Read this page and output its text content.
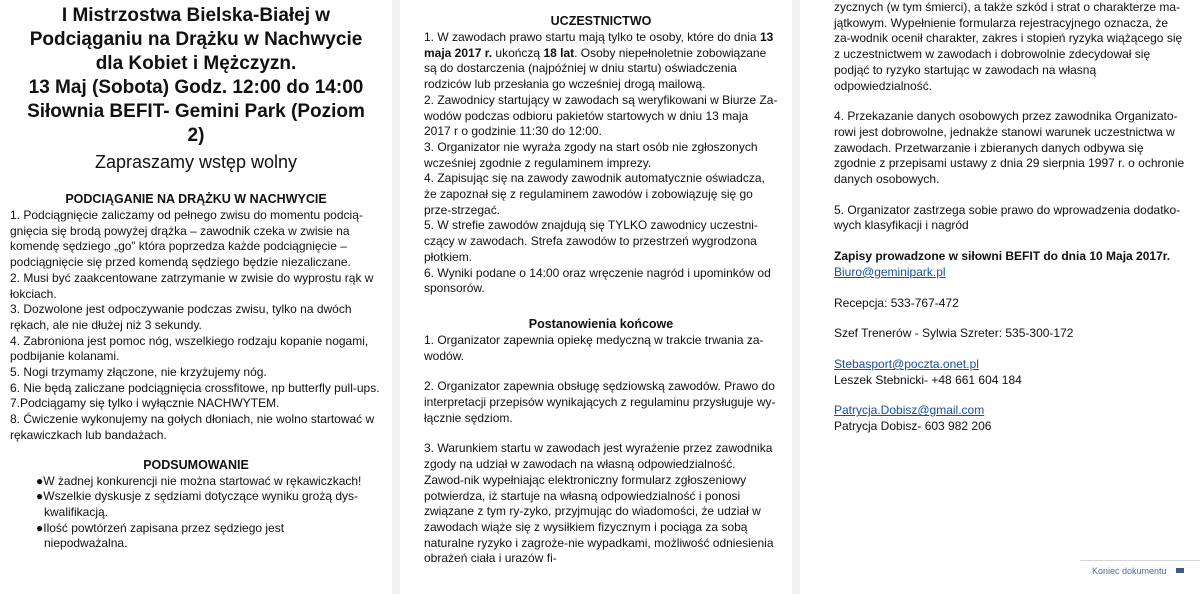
I Mistrzostwa Bielska-Białej w
Podciąganiu na Drążku w Nachwycie
dla Kobiet i Mężczyzn.
13 Maj (Sobota) Godz. 12:00 do 14:00
Siłownia BEFIT- Gemini Park (Poziom
2)
Zapraszamy wstęp wolny
PODCIĄGANIE NA DRĄŻKU W NACHWYCIE

1. Podciągnięcie zaliczamy od pełnego zwisu do momentu podcią-gnięcia się brodą powyżej drążka – zawodnik czeka w zwisie na komendę sędziego „go” która poprzedza każde podciągnięcie – podciągnięcie się przed komendą sędziego będzie niezaliczane.

2. Musi być zaakcentowane zatrzymanie w zwisie do wyprostu rąk w łokciach.

3. Dozwolone jest odpoczywanie podczas zwisu, tylko na dwóch rękach, ale nie dłużej niż 3 sekundy.

4. Zabroniona jest pomoc nóg, wszelkiego rodzaju kopanie nogami, podbijanie kolanami.

5. Nogi trzymamy złączone, nie krzyżujemy nóg.

6. Nie będą zaliczane podciągnięcia crossfitowe, np butterfly pull-ups.

7.Podciągamy się tylko i wyłącznie NACHWYTEM.

8. Ćwiczenie wykonujemy na gołych dłoniach, nie wolno startować w rękawiczkach lub bandażach.

PODSUMOWANIE

●W żadnej konkurencji nie można startować w rękawiczkach!

●Wszelkie dyskusje z sędziami dotyczące wyniku grożą dys-kwalifikacją.

●Ilość powtórzeń zapisana przez sędziego jest niepodważalna.

UCZESTNICTWO

1. W zawodach prawo startu mają tylko te osoby, które do dnia 13 maja 2017 r. ukończą 18 lat. Osoby niepełnoletnie zobowiązane są do dostarczenia (najpóźniej w dniu startu) oświadczenia rodziców lub przesłania go wcześniej drogą mailową.

2. Zawodnicy startujący w zawodach są weryfikowani w Biurze Za-wodów podczas odbioru pakietów startowych w dniu 13 maja 2017 r o godzinie 11:30 do 12:00.

3. Organizator nie wyraża zgody na start osób nie zgłoszonych wcześniej zgodnie z regulaminem imprezy.

4. Zapisując się na zawody zawodnik automatycznie oświadcza, że zapoznał się z regulaminem zawodów i zobowiązuję się go prze-strzegać.

5. W strefie zawodów znajdują się TYLKO zawodnicy uczestni-czący w zawodach. Strefa zawodów to przestrzeń wygrodzona płotkiem.

6. Wyniki podane o 14:00 oraz wręczenie nagród i upominków od sponsorów.

Postanowienia końcowe

1. Organizator zapewnia opiekę medyczną w trakcie trwania za-wodów.

2. Organizator zapewnia obsługę sędziowską zawodów. Prawo do interpretacji przepisów wynikających z regulaminu przysługuje wy-łącznie sędziom.

3. Warunkiem startu w zawodach jest wyrażenie przez zawodnika zgody na udział w zawodach na własną odpowiedzialność. Zawod-nik wypełniając elektroniczny formularz zgłoszeniowy potwierdza, iż startuje na własną odpowiedzialność i ponosi związane z tym ry-zyko, przyjmując do wiadomości, że udział w zawodach wiąże się z wysiłkiem fizycznym i pociąga za sobą naturalne ryzyko i zagroże-nie wypadkami, możliwość odniesienia obrażeń ciała i urazów fi-

zycznych (w tym śmierci), a także szkód i strat o charakterze ma-jątkowym. Wypełnienie formularza rejestracyjnego oznacza, że za-wodnik ocenił charakter, zakres i stopień ryzyka wiążącego się z uczestnictwem w zawodach i dobrowolnie zdecydował się podjąć to ryzyko startując w zawodach na własną odpowiedzialność.

4. Przekazanie danych osobowych przez zawodnika Organizato-rowi jest dobrowolne, jednakże stanowi warunek uczestnictwa w zawodach. Przetwarzanie i zbieranych danych odbywa się zgodnie z przepisami ustawy z dnia 29 sierpnia 1997 r. o ochronie danych osobowych.

5. Organizator zastrzega sobie prawo do wprowadzenia dodatko-wych klasyfikacji i nagród

Zapisy prowadzone w siłowni BEFIT do dnia 10 Maja 2017r.

Biuro@geminipark.pl

Recepcja: 533-767-472

Szef Trenerów - Sylwia Szreter: 535-300-172

Stebasport@poczta.onet.pl

Leszek Stebnicki- +48 661 604 184

Patrycja.Dobisz@gmail.com

Patrycja Dobisz- 603 982 206

Koniec dokumentu
